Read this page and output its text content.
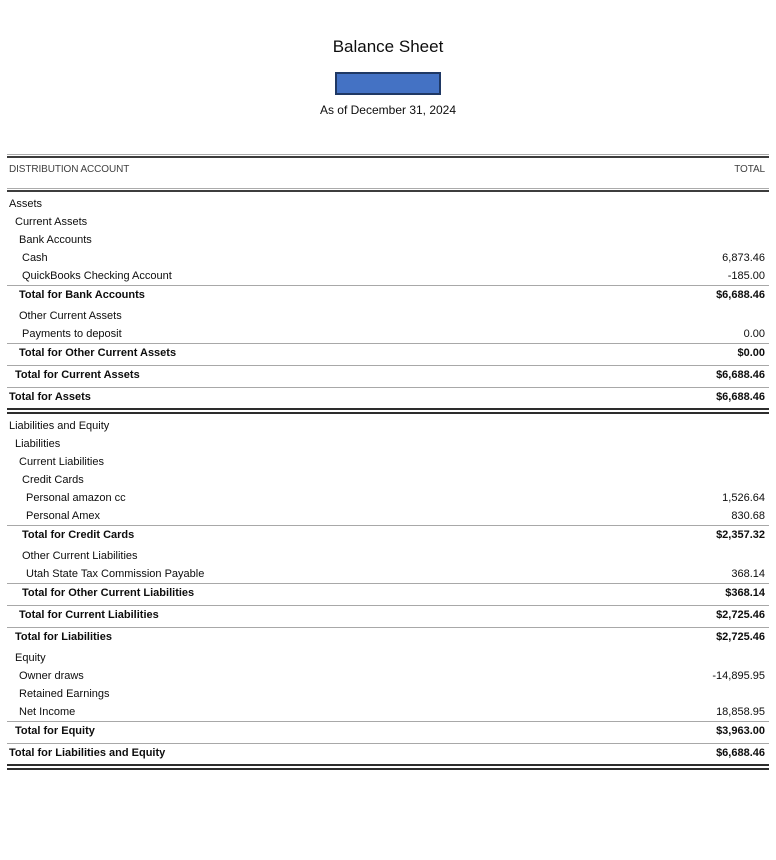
Balance Sheet
As of December 31, 2024
DISTRIBUTION ACCOUNT	TOTAL
Assets
Current Assets
Bank Accounts
Cash	6,873.46
QuickBooks Checking Account	-185.00
Total for Bank Accounts	$6,688.46
Other Current Assets
Payments to deposit	0.00
Total for Other Current Assets	$0.00
Total for Current Assets	$6,688.46
Total for Assets	$6,688.46
Liabilities and Equity
Liabilities
Current Liabilities
Credit Cards
Personal amazon cc	1,526.64
Personal Amex	830.68
Total for Credit Cards	$2,357.32
Other Current Liabilities
Utah State Tax Commission Payable	368.14
Total for Other Current Liabilities	$368.14
Total for Current Liabilities	$2,725.46
Total for Liabilities	$2,725.46
Equity
Owner draws	-14,895.95
Retained Earnings
Net Income	18,858.95
Total for Equity	$3,963.00
Total for Liabilities and Equity	$6,688.46
